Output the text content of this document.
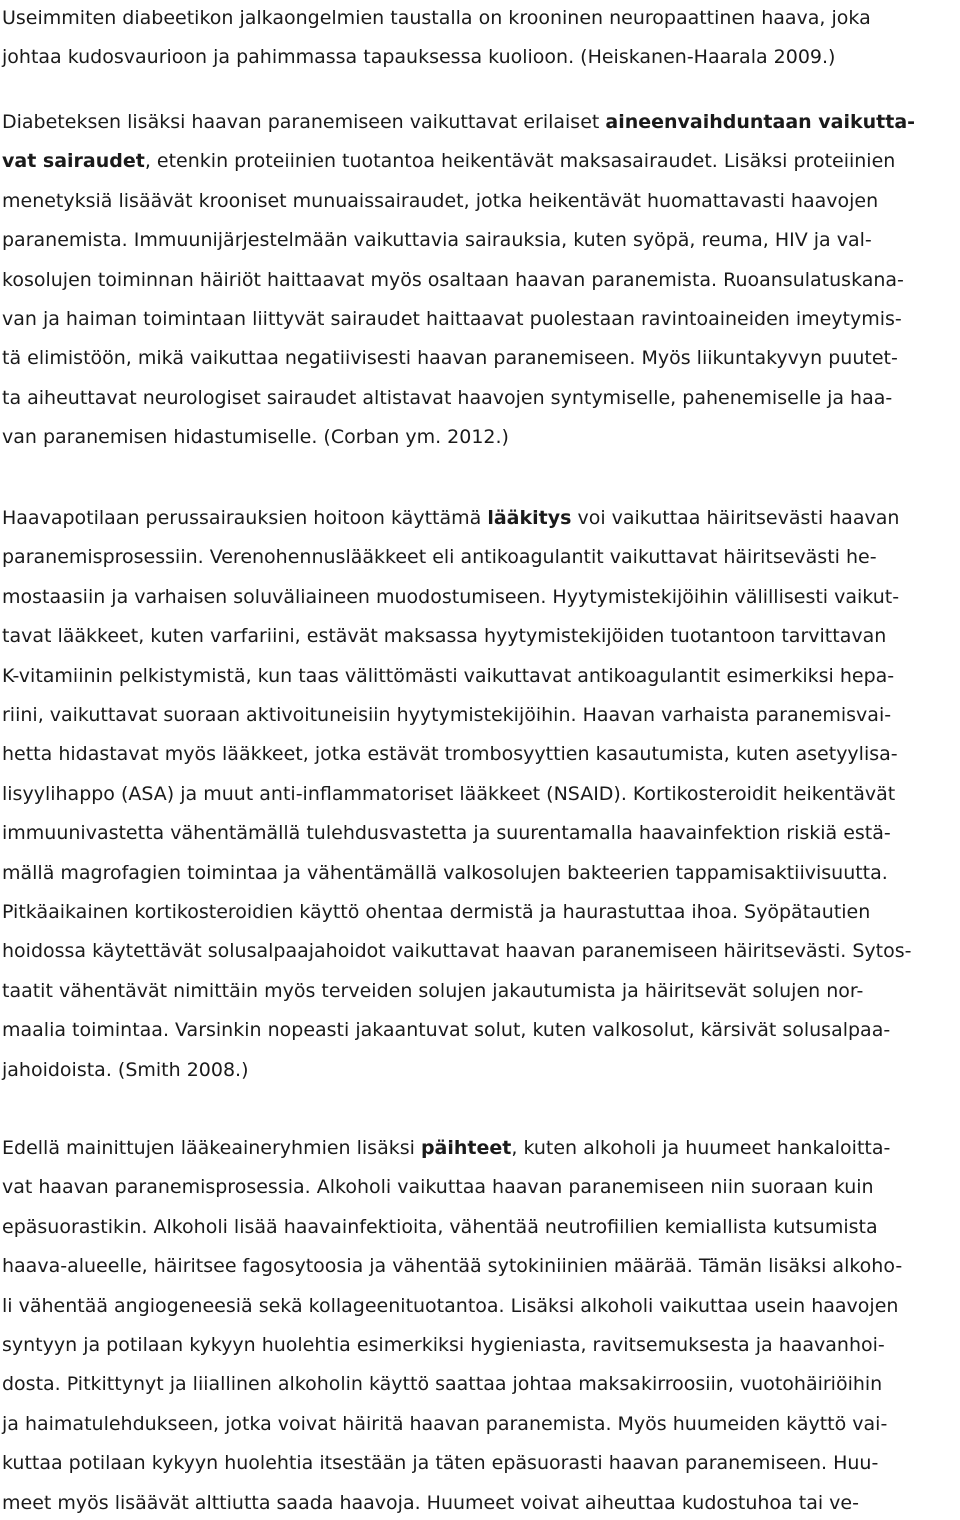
Useimmiten diabeetikon jalkaongelmien taustalla on krooninen neuropaattinen haava, joka
johtaa kudosvaurioon ja pahimmassa tapauksessa kuolioon. (Heiskanen-Haarala 2009.)
Diabeteksen lisäksi haavan paranemiseen vaikuttavat erilaiset aineenvaihduntaan vaikutta-
vat sairaudet, etenkin proteiinien tuotantoa heikentävät maksasairaudet. Lisäksi proteiinien
menetyksiä lisäävät krooniset munuaissairaudet, jotka heikentävät huomattavasti haavojen
paranemista. Immuunijärjestelmään vaikuttavia sairauksia, kuten syöpä, reuma, HIV ja val-
kosolujen toiminnan häiriöt haittaavat myös osaltaan haavan paranemista. Ruoansulatuskana-
van ja haiman toimintaan liittyvät sairaudet haittaavat puolestaan ravintoaineiden imeytymis-
tä elimistöön, mikä vaikuttaa negatiivisesti haavan paranemiseen. Myös liikuntakyvyn puutet-
ta aiheuttavat neurologiset sairaudet altistavat haavojen syntymiselle, pahenemiselle ja haa-
van paranemisen hidastumiselle. (Corban ym. 2012.)
Haavapotilaan perussairauksien hoitoon käyttämä lääkitys voi vaikuttaa häiritsevästi haavan
paranemisprosessiin. Verenohennuslääkkeet eli antikoagulantit vaikuttavat häiritsevästi he-
mostaasiin ja varhaisen soluväliaineen muodostumiseen. Hyytymistekijöihin välillisesti vaikut-
tavat lääkkeet, kuten varfariini, estävät maksassa hyytymistekijöiden tuotantoon tarvittavan
K-vitamiinin pelkistymistä, kun taas välittömästi vaikuttavat antikoagulantit esimerkiksi hepa-
riini, vaikuttavat suoraan aktivoituneisiin hyytymistekijöihin. Haavan varhaista paranemisvai-
hetta hidastavat myös lääkkeet, jotka estävät trombosyyttien kasautumista, kuten asetyylisa-
lisyylihappo (ASA) ja muut anti-inflammatoriset lääkkeet (NSAID). Kortikosteroidit heikentävät
immuunivastetta vähentämällä tulehdusvastetta ja suurentamalla haavainfektion riskiä estä-
mällä magrofagien toimintaa ja vähentämällä valkosolujen bakteerien tappamisaktiivisuutta.
Pitkäaikainen kortikosteroidien käyttö ohentaa dermistä ja haurastuttaa ihoa. Syöpätautien
hoidossa käytettävät solusalpaajahoidot vaikuttavat haavan paranemiseen häiritsevästi. Sytos-
taatit vähentävät nimittäin myös terveiden solujen jakautumista ja häiritsevät solujen nor-
maalia toimintaa. Varsinkin nopeasti jakaantuvat solut, kuten valkosolut, kärsivät solusalpaa-
jahoidoista. (Smith 2008.)
Edellä mainittujen lääkeaineryhmien lisäksi päihteet, kuten alkoholi ja huumeet hankaloitta-
vat haavan paranemisprosessia. Alkoholi vaikuttaa haavan paranemiseen niin suoraan kuin
epäsuorastikin. Alkoholi lisää haavainfektioita, vähentää neutrofiilien kemiallista kutsumista
haava-alueelle, häiritsee fagosytoosia ja vähentää sytokiniinien määrää. Tämän lisäksi alkoho-
li vähentää angiogeneesiä sekä kollageenituotantoa. Lisäksi alkoholi vaikuttaa usein haavojen
syntyyn ja potilaan kykyyn huolehtia esimerkiksi hygieniasta, ravitsemuksesta ja haavanhoi-
dosta. Pitkittynyt ja liiallinen alkoholin käyttö saattaa johtaa maksakirroosiin, vuotohäiriöihin
ja haimatulehdukseen, jotka voivat häiritä haavan paranemista. Myös huumeiden käyttö vai-
kuttaa potilaan kykyyn huolehtia itsestään ja täten epäsuorasti haavan paranemiseen. Huu-
meet myös lisäävät alttiutta saada haavoja. Huumeet voivat aiheuttaa kudostuhoa tai ve-
